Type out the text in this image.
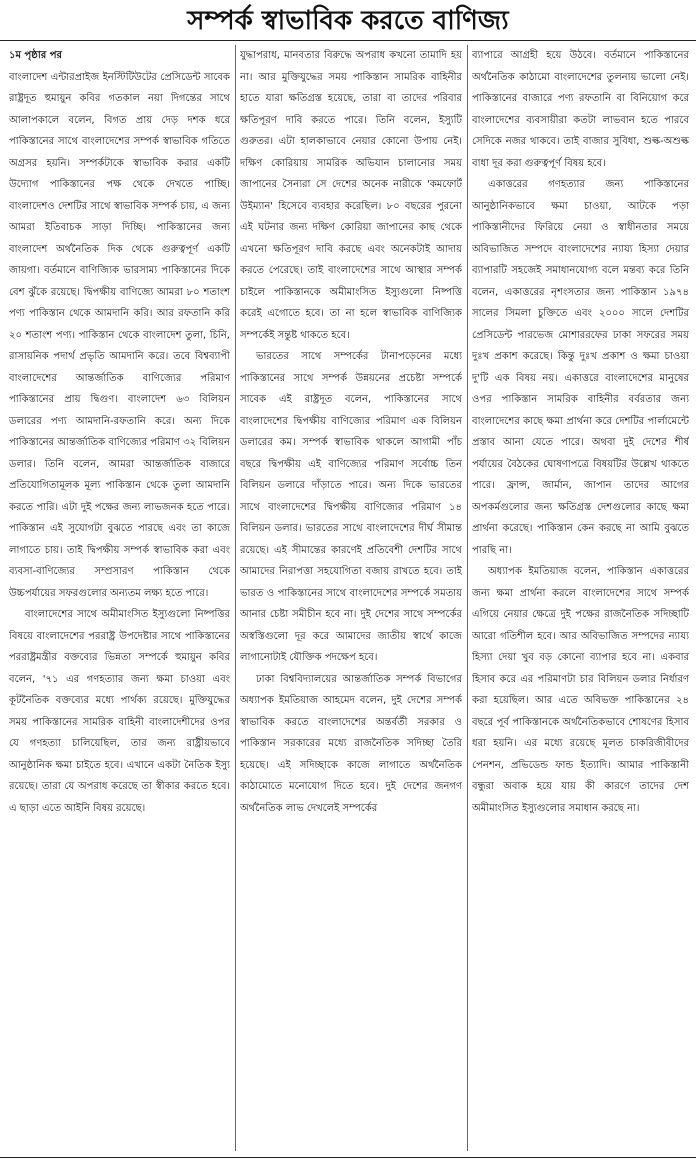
সম্পর্ক স্বাভাবিক করতে বাণিজ্য

১ম পৃষ্ঠার পর

বাংলাদেশ এন্টারপ্রাইজ ইনস্টিটিউটের প্রেসিডেন্ট সাবেক রাষ্ট্রদূত হুমায়ুন কবির গতকাল নয়া দিগন্তের সাথে আলাপকালে বলেন, বিগত প্রায় দেড় দশক ধরে পাকিস্তানের সাথে বাংলাদেশের সম্পর্ক স্বাভাবিক গতিতে অগ্রসর হয়নি। সম্পর্কটাকে স্বাভাবিক করার একটি উদ্যোগ পাকিস্তানের পক্ষ থেকে দেখতে পাচ্ছি। বাংলাদেশও দেশটির সাথে স্বাভাবিক সম্পর্ক চায়, এ জন্য আমরা ইতিবাচক সাড়া দিচ্ছি। পাকিস্তানের জন্য বাংলাদেশ অর্থনৈতিক দিক থেকে গুরুত্বপূর্ণ একটি জায়গা। বর্তমানে বাণিজ্যিক ভারসাম্য পাকিস্তানের দিকে বেশ ঝুঁকে রয়েছে। দ্বিপক্ষীয় বাণিজ্যে আমরা ৮০ শতাংশ পণ্য পাকিস্তান থেকে আমদানি করি। আর রফতানি করি ২০ শতাংশ পণ্য। পাকিস্তান থেকে বাংলাদেশ তুলা, চিনি, রাসায়নিক পদার্থ প্রভৃতি আমদানি করে। তবে বিশ্বব্যাপী বাংলাদেশের আন্তর্জাতিক বাণিজ্যের পরিমাণ পাকিস্তানের প্রায় দ্বিগুণ। বাংলাদেশ ৬৩ বিলিয়ন ডলারের পণ্য আমদানি-রফতানি করে। অন্য দিকে পাকিস্তানের আন্তর্জাতিক বাণিজ্যের পরিমাণ ৩২ বিলিয়ন ডলার। তিনি বলেন, আমরা আন্তর্জাতিক বাজারে প্রতিযোগিতামূলক মূল্য পাকিস্তান থেকে তুলা আমদানি করতে পারি। এটা দুই পক্ষের জন্য লাভজনক হতে পারে। পাকিস্তান এই সুযোগটা বুঝতে পারছে এবং তা কাজে লাগাতে চায়। তাই দ্বিপক্ষীয় সম্পর্ক স্বাভাবিক করা এবং ব্যবসা-বাণিজ্যের সম্প্রসারণ পাকিস্তান থেকে উচ্চপর্যায়ের সফরগুলোর অন্যতম লক্ষ্য হতে পারে।

বাংলাদেশের সাথে অমীমাংসিত ইস্যুগুলো নিষ্পত্তির বিষয়ে বাংলাদেশের পররাষ্ট্র উপদেষ্টার সাথে পাকিস্তানের পররাষ্ট্রমন্ত্রীর বক্তব্যের ভিন্নতা সম্পর্কে হুমায়ুন কবির বলেন, '৭১ এর গণহত্যার জন্য ক্ষমা চাওয়া এবং কূটনৈতিক বক্তব্যের মধ্যে পার্থক্য রয়েছে। মুক্তিযুদ্ধের সময় পাকিস্তানের সামরিক বাহিনী বাংলাদেশীদের ওপর যে গণহত্যা চালিয়েছিল, তার জন্য রাষ্ট্রীয়ভাবে আনুষ্ঠানিক ক্ষমা চাইতে হবে। এখানে একটা নৈতিক ইস্যু রয়েছে। তারা যে অপরাধ করেছে তা স্বীকার করতে হবে। এ ছাড়া এতে আইনি বিষয় রয়েছে।

যুদ্ধাপরাধ, মানবতার বিরুদ্ধে অপরাধ কখনো তামাদি হয় না। আর মুক্তিযুদ্ধের সময় পাকিস্তান সামরিক বাহিনীর হাতে যারা ক্ষতিগ্রস্ত হয়েছে, তারা বা তাদের পরিবার ক্ষতিপূরণ দাবি করতে পারে। তিনি বলেন, ইস্যুটি গুরুতর। এটা হালকাভাবে নেয়ার কোনো উপায় নেই। দক্ষিণ কোরিয়ায় সামরিক অভিযান চালানোর সময় জাপানের সৈন্যরা সে দেশের অনেক নারীকে 'কমফোর্ট উইম্যান' হিসেবে ব্যবহার করেছিল। ৮০ বছরের পুরনো এই ঘটনার জন্য দক্ষিণ কোরিয়া জাপানের কাছ থেকে এখনো ক্ষতিপূরণ দাবি করছে এবং অনেকটাই আদায় করতে পেরেছে। তাই বাংলাদেশের সাথে আস্থার সম্পর্ক চাইলে পাকিস্তানকে অমীমাংসিত ইস্যুগুলো নিষ্পত্তি করেই এগোতে হবে। তা না হলে স্বাভাবিক বাণিজ্যিক সম্পর্কেই সন্তুষ্ট থাকতে হবে।

ভারতের সাথে সম্পর্কের টানাপড়েনের মধ্যে পাকিস্তানের সাথে সম্পর্ক উন্নয়নের প্রচেষ্টা সম্পর্কে সাবেক এই রাষ্ট্রদূত বলেন, পাকিস্তানের সাথে বাংলাদেশের দ্বিপক্ষীয় বাণিজ্যের পরিমাণ এক বিলিয়ন ডলারের কম। সম্পর্ক স্বাভাবিক থাকলে আগামী পাঁচ বছরে দ্বিপক্ষীয় এই বাণিজ্যের পরিমাণ সর্বোচ্চ তিন বিলিয়ন ডলারে দাঁড়াতে পারে। অন্য দিকে ভারতের সাথে বাংলাদেশের দ্বিপক্ষীয় বাণিজ্যের পরিমাণ ১৪ বিলিয়ন ডলার। ভারতের সাথে বাংলাদেশের দীর্ঘ সীমান্ত রয়েছে। এই সীমান্তের কারণেই প্রতিবেশী দেশটির সাথে আমাদের নিরাপত্তা সহযোগিতা বজায় রাখতে হবে। তাই ভারত ও পাকিস্তানের সাথে বাংলাদেশের সম্পর্কে সমতায় আনার চেষ্টা সমীচীন হবে না। দুই দেশের সাথে সম্পর্কের অস্বস্তিগুলো দূর করে আমাদের জাতীয় স্বার্থে কাজে লাগানোটাই যৌক্তিক পদক্ষেপ হবে।

ঢাকা বিশ্ববিদ্যালয়ের আন্তর্জাতিক সম্পর্ক বিভাগের অধ্যাপক ইমতিয়াজ আহমেদ বলেন, দুই দেশের সম্পর্ক স্বাভাবিক করতে বাংলাদেশের অন্তর্বর্তী সরকার ও পাকিস্তান সরকারের মধ্যে রাজনৈতিক সদিচ্ছা তৈরি হয়েছে। এই সদিচ্ছাকে কাজে লাগাতে অর্থনৈতিক কাঠামোতে মনোযোগ দিতে হবে। দুই দেশের জনগণ অর্থনৈতিক লাভ দেখলেই সম্পর্কের

ব্যাপারে আগ্রহী হয়ে উঠবে। বর্তমানে পাকিস্তানের অর্থনৈতিক কাঠামো বাংলাদেশের তুলনায় ভালো নেই। পাকিস্তানের বাজারে পণ্য রফতানি বা বিনিয়োগ করে বাংলাদেশের ব্যবসায়ীরা কতটা লাভবান হতে পারবে সেদিকে নজর থাকবে। তাই বাজার সুবিধা, শুল্ক-অশুল্ক বাধা দূর করা গুরুত্বপূর্ণ বিষয় হবে।

একাত্তরের গণহত্যার জন্য পাকিস্তানের আনুষ্ঠানিকভাবে ক্ষমা চাওয়া, আটকে পড়া পাকিস্তানীদের ফিরিয়ে নেয়া ও স্বাধীনতার সময়ে অবিভাজিত সম্পদে বাংলাদেশের ন্যায্য হিস্যা দেয়ার ব্যাপারটি সহজেই সমাধানযোগ্য বলে মন্তব্য করে তিনি বলেন, একাত্তরের নৃশংসতার জন্য পাকিস্তান ১৯৭৪ সালের সিমলা চুক্তিতে এবং ২০০০ সালে দেশটির প্রেসিডেন্ট পারভেজ মোশাররফের ঢাকা সফরের সময় দুঃখ প্রকাশ করেছে। কিন্তু দুঃখ প্রকাশ ও ক্ষমা চাওয়া দু'টি এক বিষয় নয়। একাত্তরে বাংলাদেশের মানুষের ওপর পাকিস্তান সামরিক বাহিনীর বর্বরতার জন্য বাংলাদেশের কাছে ক্ষমা প্রার্থনা করে দেশটির পার্লামেন্টে প্রস্তাব আনা যেতে পারে। অথবা দুই দেশের শীর্ষ পর্যায়ের বৈঠকের ঘোষণাপত্রে বিষয়টির উল্লেখ থাকতে পারে। ফ্রান্স, জার্মান, জাপান তাদের আগের অপকর্মগুলোর জন্য ক্ষতিগ্রস্ত দেশগুলোর কাছে ক্ষমা প্রার্থনা করেছে। পাকিস্তান কেন করছে না আমি বুঝতে পারছি না।

অধ্যাপক ইমতিয়াজ বলেন, পাকিস্তান একাত্তরের জন্য ক্ষমা প্রার্থনা করলে বাংলাদেশের সাথে সম্পর্ক এগিয়ে নেয়ার ক্ষেত্রে দুই পক্ষের রাজনৈতিক সদিচ্ছাটি আরো গতিশীল হবে। আর অবিভাজিত সম্পদের ন্যায্য হিস্যা দেয়া খুব বড় কোনো ব্যাপার হবে না। একবার হিসাব করে এর পরিমাণটা চার বিলিয়ন ডলার নির্ধারণ করা হয়েছিল। আর এতে অবিভক্ত পাকিস্তানের ২৪ বছরে পূর্ব পাকিস্তানকে অর্থনৈতিকভাবে শোষণের হিসাব ধরা হয়নি। এর মধ্যে রয়েছে মূলত চাকরিজীবীদের পেনশন, প্রভিডেন্ড ফান্ড ইত্যাদি। আমার পাকিস্তানী বন্ধুরা অবাক হয়ে যায় কী কারণে তাদের দেশ অমীমাংসিত ইস্যুগুলোর সমাধান করছে না।
